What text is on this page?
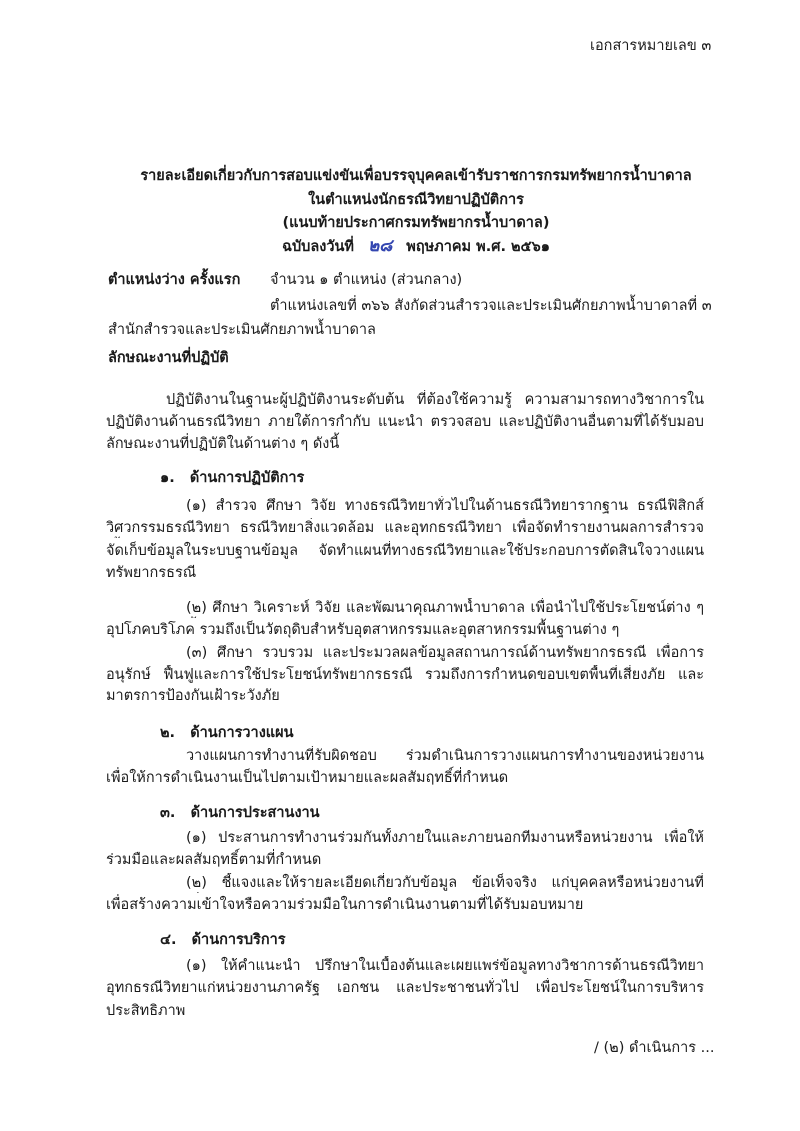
เอกสารหมายเลข ๓
รายละเอียดเกี่ยวกับการสอบแข่งขันเพื่อบรรจุบุคคลเข้ารับราชการกรมทรัพยากรน้ำบาดาล
ในตำแหน่งนักธรณีวิทยาปฏิบัติการ
(แนบท้ายประกาศกรมทรัพยากรน้ำบาดาล)
ฉบับลงวันที่ ๒๘ พฤษภาคม พ.ศ. ๒๕๖๑
ตำแหน่งว่าง ครั้งแรก จำนวน ๑ ตำแหน่ง (ส่วนกลาง)
ตำแหน่งเลขที่ ๓๖๖ สังกัดส่วนสำรวจและประเมินศักยภาพน้ำบาดาลที่ ๓
สำนักสำรวจและประเมินศักยภาพน้ำบาดาล
ลักษณะงานที่ปฏิบัติ
ปฏิบัติงานในฐานะผู้ปฏิบัติงานระดับต้น ที่ต้องใช้ความรู้ ความสามารถทางวิชาการใน
ปฏิบัติงานด้านธรณีวิทยา ภายใต้การกำกับ แนะนำ ตรวจสอบ และปฏิบัติงานอื่นตามที่ได้รับมอบ
ลักษณะงานที่ปฏิบัติในด้านต่าง ๆ ดังนี้
๑. ด้านการปฏิบัติการ
(๑) สำรวจ ศึกษา วิจัย ทางธรณีวิทยาทั่วไปในด้านธรณีวิทยารากฐาน ธรณีฟิสิกส์
วิศวกรรมธรณีวิทยา ธรณีวิทยาสิ่งแวดล้อม และอุทกธรณีวิทยา เพื่อจัดทำรายงานผลการสำรวจ
จัดเก็บข้อมูลในระบบฐานข้อมูล จัดทำแผนที่ทางธรณีวิทยาและใช้ประกอบการตัดสินใจวางแผน
ทรัพยากรธรณี
(๒) ศึกษา วิเคราะห์ วิจัย และพัฒนาคุณภาพน้ำบาดาล เพื่อนำไปใช้ประโยชน์ต่าง ๆ
อุปโภคบริโภค รวมถึงเป็นวัตถุดิบสำหรับอุตสาหกรรมและอุตสาหกรรมพื้นฐานต่าง ๆ
(๓) ศึกษา รวบรวม และประมวลผลข้อมูลสถานการณ์ด้านทรัพยากรธรณี เพื่อการ
อนุรักษ์ ฟื้นฟูและการใช้ประโยชน์ทรัพยากรธรณี รวมถึงการกำหนดขอบเขตพื้นที่เสี่ยงภัย และ
มาตรการป้องกันเฝ้าระวังภัย
๒. ด้านการวางแผน
วางแผนการทำงานที่รับผิดชอบ ร่วมดำเนินการวางแผนการทำงานของหน่วยงาน
เพื่อให้การดำเนินงานเป็นไปตามเป้าหมายและผลสัมฤทธิ์ที่กำหนด
๓. ด้านการประสานงาน
(๑) ประสานการทำงานร่วมกันทั้งภายในและภายนอกทีมงานหรือหน่วยงาน เพื่อให้
ร่วมมือและผลสัมฤทธิ์ตามที่กำหนด
(๒) ชี้แจงและให้รายละเอียดเกี่ยวกับข้อมูล ข้อเท็จจริง แก่บุคคลหรือหน่วยงานที่
เพื่อสร้างความเข้าใจหรือความร่วมมือในการดำเนินงานตามที่ได้รับมอบหมาย
๔. ด้านการบริการ
(๑) ให้คำแนะนำ ปรึกษาในเบื้องต้นและเผยแพร่ข้อมูลทางวิชาการด้านธรณีวิทยา
อุทกธรณีวิทยาแก่หน่วยงานภาครัฐ เอกชน และประชาชนทั่วไป เพื่อประโยชน์ในการบริหาร
ประสิทธิภาพ
/ (๒) ดำเนินการ ...
